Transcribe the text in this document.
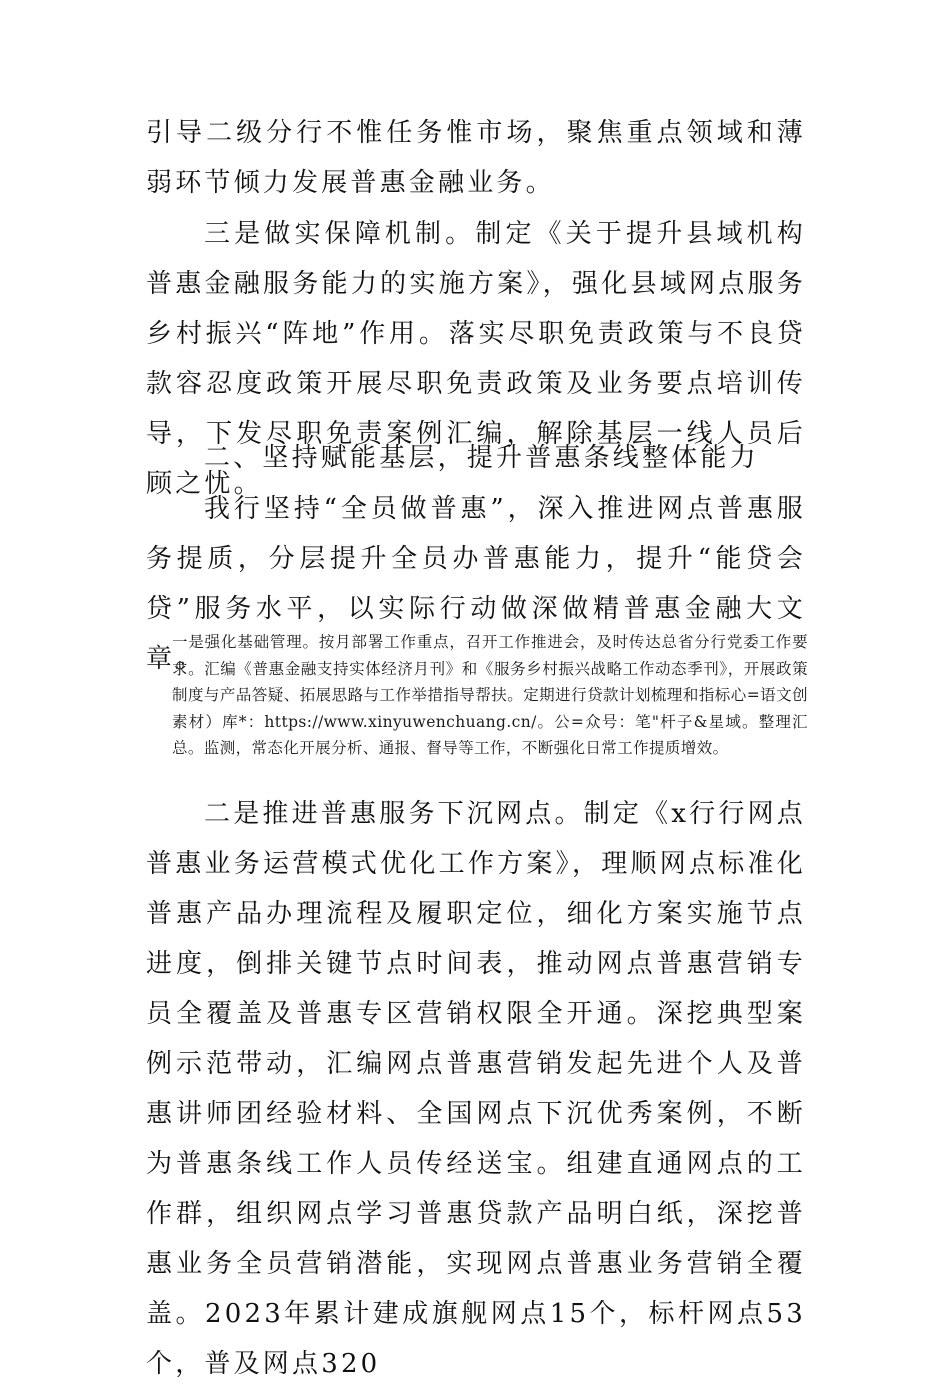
引导二级分行不惟任务惟市场，聚焦重点领域和薄弱环节倾力发展普惠金融业务。

三是做实保障机制。制定《关于提升县域机构普惠金融服务能力的实施方案》，强化县域网点服务乡村振兴“阵地”作用。落实尽职免责政策与不良贷款容忍度政策开展尽职免责政策及业务要点培训传导，下发尽职免责案例汇编，解除基层一线人员后顾之忧。

二、坚持赋能基层，提升普惠条线整体能力

我行坚持“全员做普惠”，深入推进网点普惠服务提质，分层提升全员办普惠能力，提升“能贷会贷”服务水平，以实际行动做深做精普惠金融大文章。

一是强化基础管理。按月部署工作重点，召开工作推进会，及时传达总省分行党委工作要求。汇编《普惠金融支持实体经济月刊》和《服务乡村振兴战略工作动态季刊》，开展政策制度与产品答疑、拓展思路与工作举措指导帮扶。定期进行贷款计划梳理和指标心=语文创素材）库*：https://www.xinyuwenchuang.cn/。公=众号：笔"杆子&星域。整理汇总。监测，常态化开展分析、通报、督导等工作，不断强化日常工作提质增效。

二是推进普惠服务下沉网点。制定《x行行网点普惠业务运营模式优化工作方案》，理顺网点标准化普惠产品办理流程及履职定位，细化方案实施节点进度，倒排关键节点时间表，推动网点普惠营销专员全覆盖及普惠专区营销权限全开通。深挖典型案例示范带动，汇编网点普惠营销发起先进个人及普惠讲师团经验材料、全国网点下沉优秀案例，不断为普惠条线工作人员传经送宝。组建直通网点的工作群，组织网点学习普惠贷款产品明白纸，深挖普惠业务全员营销潜能，实现网点普惠业务营销全覆盖。2023年累计建成旗舰网点15个，标杆网点53个，普及网点320
